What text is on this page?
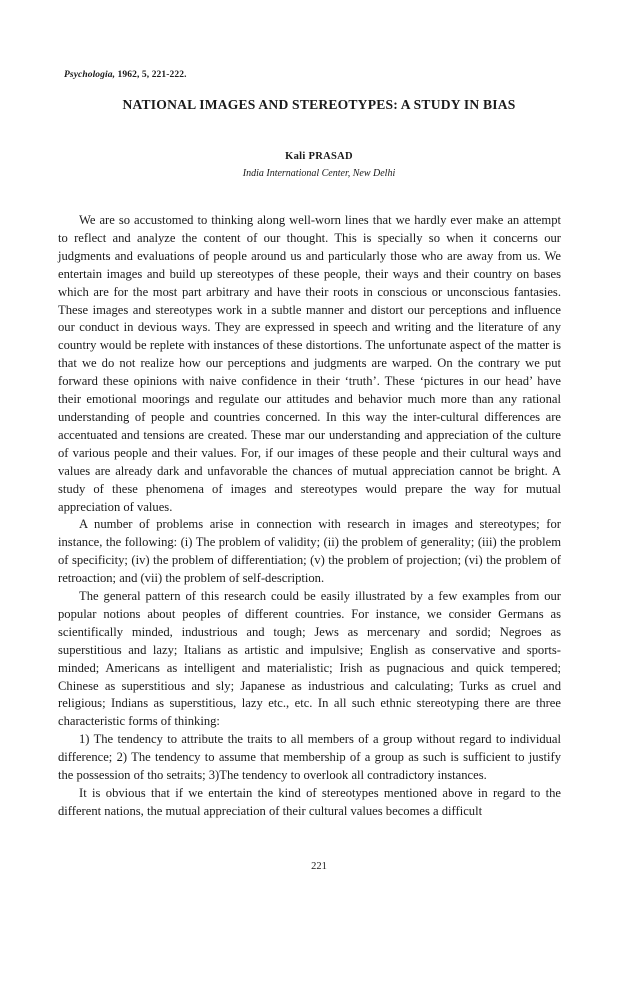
Psychologia, 1962, 5, 221-222.
NATIONAL IMAGES AND STEREOTYPES: A STUDY IN BIAS
Kali PRASAD
India International Center, New Delhi

We are so accustomed to thinking along well-worn lines that we hardly ever make an attempt to reflect and analyze the content of our thought. This is specially so when it concerns our judgments and evaluations of people around us and particularly those who are away from us. We entertain images and build up stereotypes of these people, their ways and their country on bases which are for the most part arbitrary and have their roots in conscious or unconscious fantasies. These images and stereotypes work in a subtle manner and distort our perceptions and influence our conduct in devious ways. They are expressed in speech and writing and the literature of any country would be replete with instances of these distortions. The unfortunate aspect of the matter is that we do not realize how our perceptions and judgments are warped. On the contrary we put forward these opinions with naive confidence in their ‘truth’. These ‘pictures in our head’ have their emotional moorings and regulate our attitudes and behavior much more than any rational understanding of people and countries concerned. In this way the inter-cultural differences are accentuated and tensions are created. These mar our understanding and appreciation of the culture of various people and their values. For, if our images of these people and their cultural ways and values are already dark and unfavorable the chances of mutual appreciation cannot be bright. A study of these phenomena of images and stereotypes would prepare the way for mutual appreciation of values.

A number of problems arise in connection with research in images and stereotypes; for instance, the following: (i) The problem of validity; (ii) the problem of generality; (iii) the problem of specificity; (iv) the problem of differentiation; (v) the problem of projection; (vi) the problem of retroaction; and (vii) the problem of self-description.

The general pattern of this research could be easily illustrated by a few examples from our popular notions about peoples of different countries. For instance, we consider Germans as scientifically minded, industrious and tough; Jews as mercenary and sordid; Negroes as superstitious and lazy; Italians as artistic and impulsive; English as conservative and sports-minded; Americans as intelligent and materialistic; Irish as pugnacious and quick tempered; Chinese as superstitious and sly; Japanese as industrious and calculating; Turks as cruel and religious; Indians as superstitious, lazy etc., etc. In all such ethnic stereotyping there are three characteristic forms of thinking:

1) The tendency to attribute the traits to all members of a group without regard to individual difference; 2) The tendency to assume that membership of a group as such is sufficient to justify the possession of tho setraits; 3)The tendency to overlook all contradictory instances.

It is obvious that if we entertain the kind of stereotypes mentioned above in regard to the different nations, the mutual appreciation of their cultural values becomes a difficult

221
